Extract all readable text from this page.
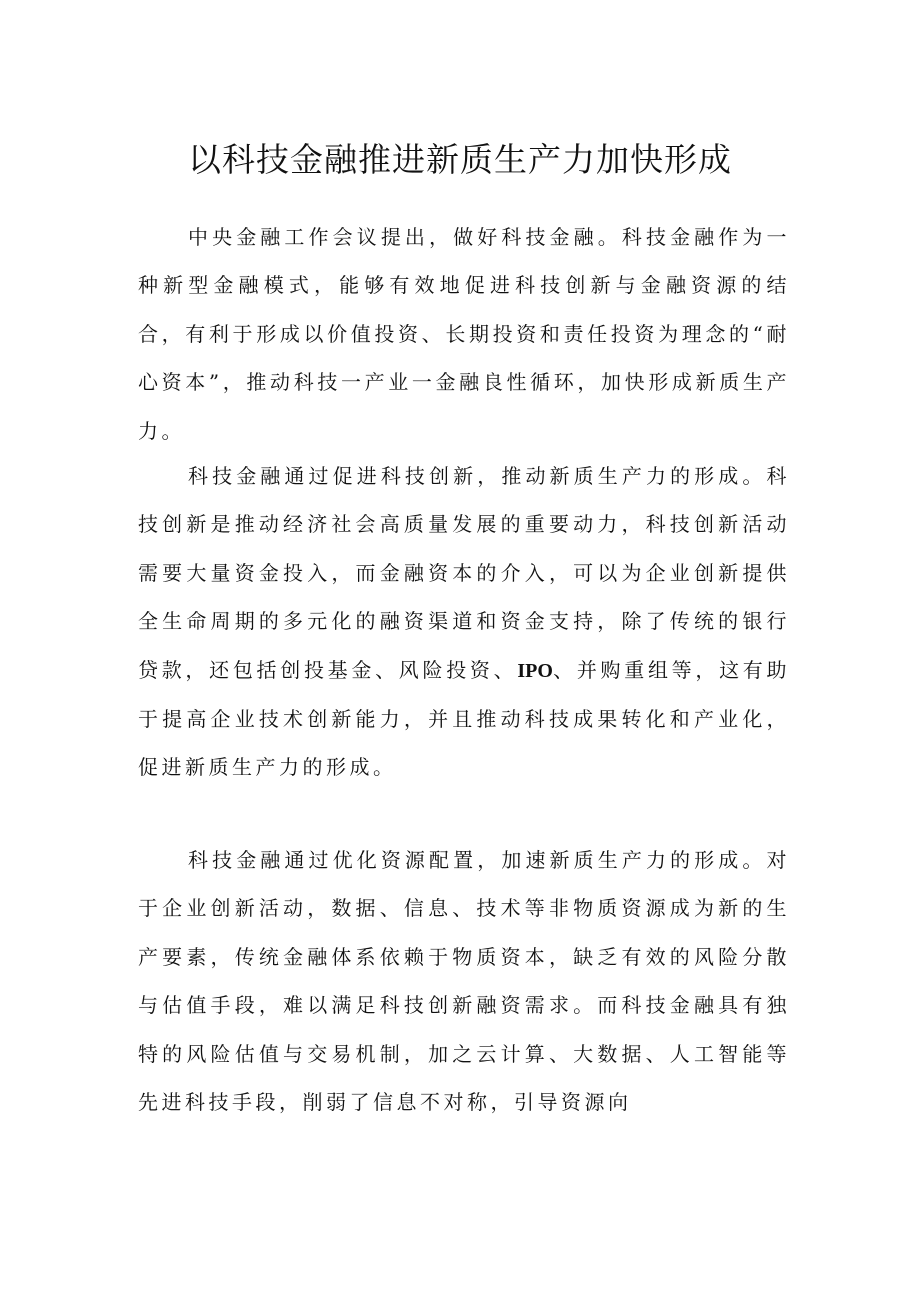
以科技金融推进新质生产力加快形成

中央金融工作会议提出，做好科技金融。科技金融作为一种新型金融模式，能够有效地促进科技创新与金融资源的结合，有利于形成以价值投资、长期投资和责任投资为理念的“耐心资本”，推动科技一产业一金融良性循环，加快形成新质生产力。

科技金融通过促进科技创新，推动新质生产力的形成。科技创新是推动经济社会高质量发展的重要动力，科技创新活动需要大量资金投入，而金融资本的介入，可以为企业创新提供全生命周期的多元化的融资渠道和资金支持，除了传统的银行贷款，还包括创投基金、风险投资、IPO、并购重组等，这有助于提高企业技术创新能力，并且推动科技成果转化和产业化，促进新质生产力的形成。

科技金融通过优化资源配置，加速新质生产力的形成。对于企业创新活动，数据、信息、技术等非物质资源成为新的生产要素，传统金融体系依赖于物质资本，缺乏有效的风险分散与估值手段，难以满足科技创新融资需求。而科技金融具有独特的风险估值与交易机制，加之云计算、大数据、人工智能等先进科技手段，削弱了信息不对称，引导资源向
